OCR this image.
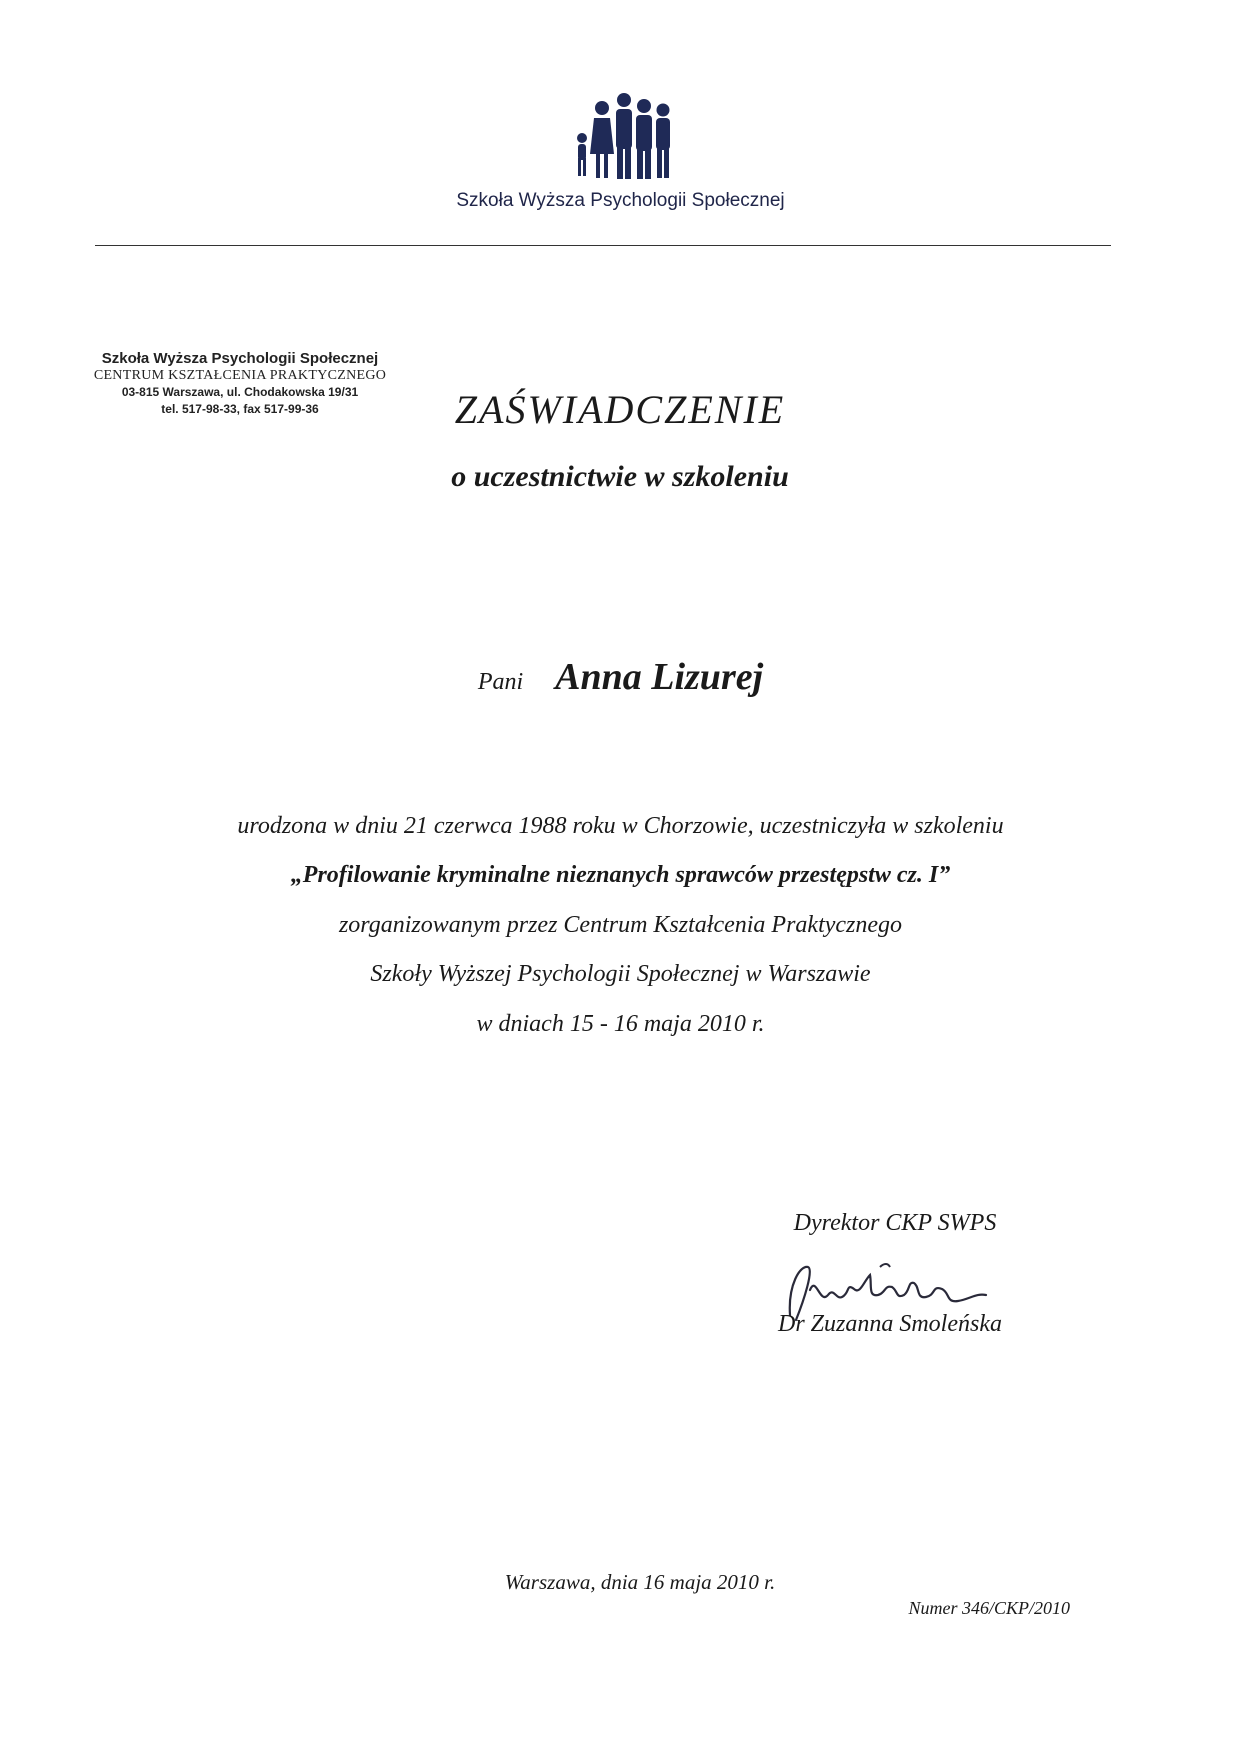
Szkoła Wyższa Psychologii Społecznej
Szkoła Wyższa Psychologii Społecznej
CENTRUM KSZTAŁCENIA PRAKTYCZNEGO
03-815 Warszawa, ul. Chodakowska 19/31
tel. 517-98-33, fax 517-99-36	ZAŚWIADCZENIE
o uczestnictwie w szkoleniu
Pani Anna Lizurej
urodzona w dniu 21 czerwca 1988 roku w Chorzowie, uczestniczyła w szkoleniu
„Profilowanie kryminalne nieznanych sprawców przestępstw cz. I”
zorganizowanym przez Centrum Kształcenia Praktycznego
Szkoły Wyższej Psychologii Społecznej w Warszawie
w dniach 15 - 16 maja 2010 r.
Dyrektor CKP SWPS
Dr Zuzanna Smoleńska
Warszawa, dnia 16 maja 2010 r.
Numer 346/CKP/2010
